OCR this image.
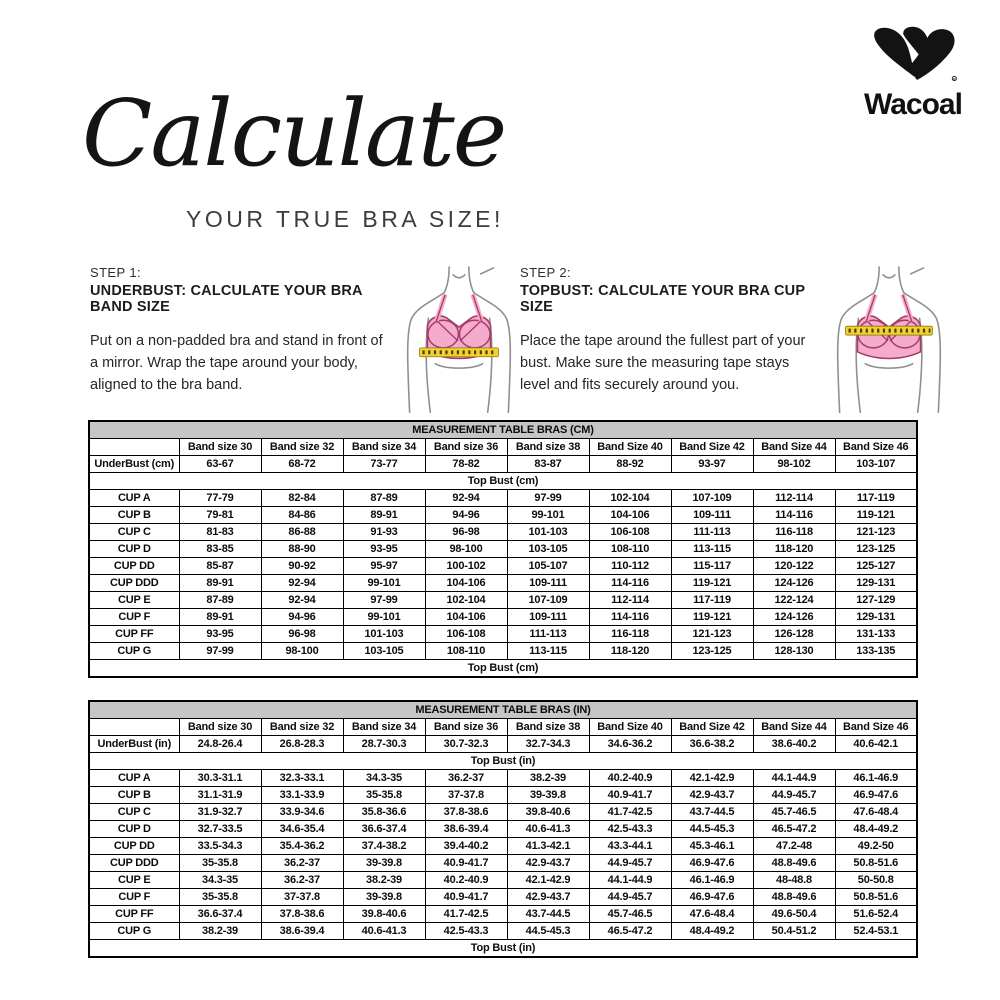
R
Wacoal
Calculate
YOUR TRUE BRA SIZE!
STEP 1:
UNDERBUST: CALCULATE YOUR BRA BAND SIZE
Put on a non-padded bra and stand in front of a mirror. Wrap the tape around your body, aligned to the bra band.
STEP 2:
TOPBUST: CALCULATE YOUR BRA CUP SIZE
Place the tape around the fullest part of your bust. Make sure the measuring tape stays level and fits securely around you.
MEASUREMENT TABLE BRAS (CM)									
	Band size 30	Band size 32	Band size 34	Band size 36	Band size 38	Band Size 40	Band Size 42	Band Size 44	Band Size 46
UnderBust (cm)	63-67	68-72	73-77	78-82	83-87	88-92	93-97	98-102	103-107
Top Bust (cm)									
CUP A	77-79	82-84	87-89	92-94	97-99	102-104	107-109	112-114	117-119
CUP B	79-81	84-86	89-91	94-96	99-101	104-106	109-111	114-116	119-121
CUP C	81-83	86-88	91-93	96-98	101-103	106-108	111-113	116-118	121-123
CUP D	83-85	88-90	93-95	98-100	103-105	108-110	113-115	118-120	123-125
CUP DD	85-87	90-92	95-97	100-102	105-107	110-112	115-117	120-122	125-127
CUP DDD	89-91	92-94	99-101	104-106	109-111	114-116	119-121	124-126	129-131
CUP E	87-89	92-94	97-99	102-104	107-109	112-114	117-119	122-124	127-129
CUP F	89-91	94-96	99-101	104-106	109-111	114-116	119-121	124-126	129-131
CUP FF	93-95	96-98	101-103	106-108	111-113	116-118	121-123	126-128	131-133
CUP G	97-99	98-100	103-105	108-110	113-115	118-120	123-125	128-130	133-135
Top Bust (cm)									
MEASUREMENT TABLE BRAS (IN)									
	Band size 30	Band size 32	Band size 34	Band size 36	Band size 38	Band Size 40	Band Size 42	Band Size 44	Band Size 46
UnderBust (in)	24.8-26.4	26.8-28.3	28.7-30.3	30.7-32.3	32.7-34.3	34.6-36.2	36.6-38.2	38.6-40.2	40.6-42.1
Top Bust (in)									
CUP A	30.3-31.1	32.3-33.1	34.3-35	36.2-37	38.2-39	40.2-40.9	42.1-42.9	44.1-44.9	46.1-46.9
CUP B	31.1-31.9	33.1-33.9	35-35.8	37-37.8	39-39.8	40.9-41.7	42.9-43.7	44.9-45.7	46.9-47.6
CUP C	31.9-32.7	33.9-34.6	35.8-36.6	37.8-38.6	39.8-40.6	41.7-42.5	43.7-44.5	45.7-46.5	47.6-48.4
CUP D	32.7-33.5	34.6-35.4	36.6-37.4	38.6-39.4	40.6-41.3	42.5-43.3	44.5-45.3	46.5-47.2	48.4-49.2
CUP DD	33.5-34.3	35.4-36.2	37.4-38.2	39.4-40.2	41.3-42.1	43.3-44.1	45.3-46.1	47.2-48	49.2-50
CUP DDD	35-35.8	36.2-37	39-39.8	40.9-41.7	42.9-43.7	44.9-45.7	46.9-47.6	48.8-49.6	50.8-51.6
CUP E	34.3-35	36.2-37	38.2-39	40.2-40.9	42.1-42.9	44.1-44.9	46.1-46.9	48-48.8	50-50.8
CUP F	35-35.8	37-37.8	39-39.8	40.9-41.7	42.9-43.7	44.9-45.7	46.9-47.6	48.8-49.6	50.8-51.6
CUP FF	36.6-37.4	37.8-38.6	39.8-40.6	41.7-42.5	43.7-44.5	45.7-46.5	47.6-48.4	49.6-50.4	51.6-52.4
CUP G	38.2-39	38.6-39.4	40.6-41.3	42.5-43.3	44.5-45.3	46.5-47.2	48.4-49.2	50.4-51.2	52.4-53.1
Top Bust (in)									
